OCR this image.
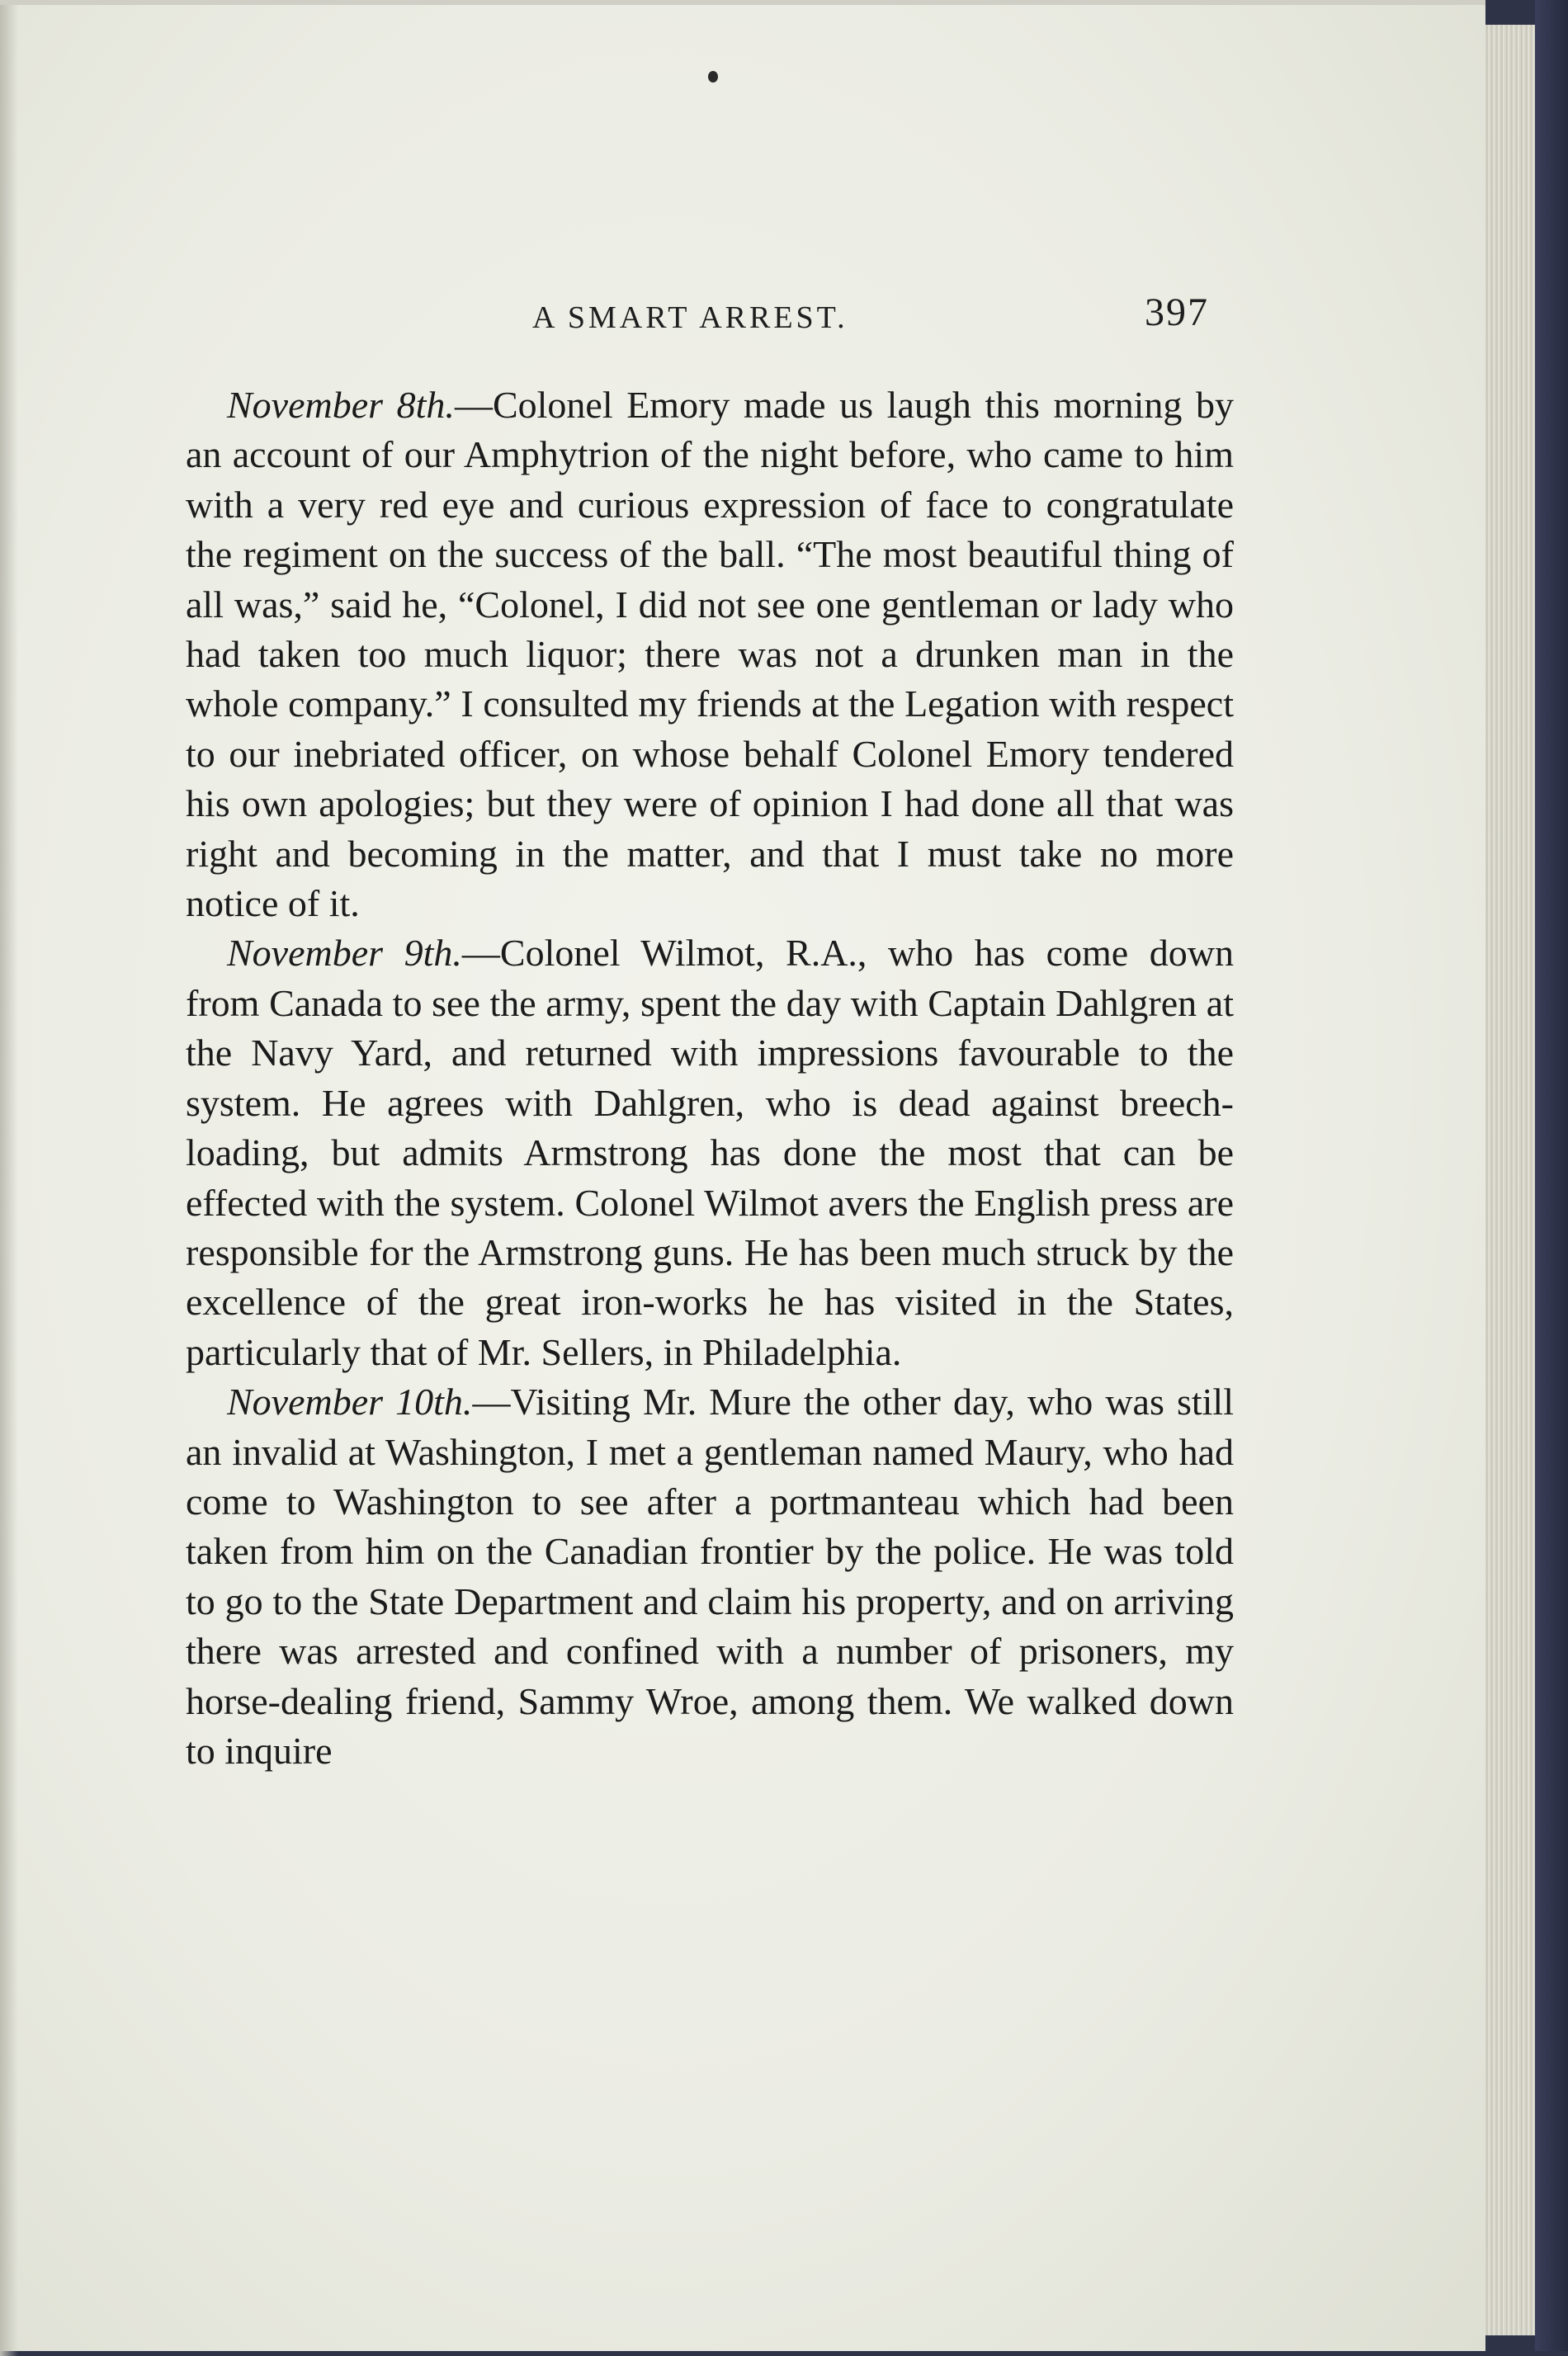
A SMART ARREST.	397

November 8th.—Colonel Emory made us laugh this morning by an account of our Amphytrion of the night before, who came to him with a very red eye and curious expression of face to congratulate the regiment on the success of the ball. “The most beautiful thing of all was,” said he, “Colonel, I did not see one gentleman or lady who had taken too much liquor; there was not a drunken man in the whole company.” I consulted my friends at the Legation with respect to our inebriated officer, on whose behalf Colonel Emory tendered his own apologies; but they were of opinion I had done all that was right and becoming in the matter, and that I must take no more notice of it.

November 9th.—Colonel Wilmot, R.A., who has come down from Canada to see the army, spent the day with Captain Dahlgren at the Navy Yard, and returned with impressions favourable to the system. He agrees with Dahlgren, who is dead against breech-loading, but admits Armstrong has done the most that can be effected with the system. Colonel Wilmot avers the English press are responsible for the Armstrong guns. He has been much struck by the excellence of the great iron-works he has visited in the States, particularly that of Mr. Sellers, in Philadelphia.

November 10th.—Visiting Mr. Mure the other day, who was still an invalid at Washington, I met a gentleman named Maury, who had come to Washington to see after a portmanteau which had been taken from him on the Canadian frontier by the police. He was told to go to the State Department and claim his property, and on arriving there was arrested and confined with a number of prisoners, my horse-dealing friend, Sammy Wroe, among them. We walked down to inquire
